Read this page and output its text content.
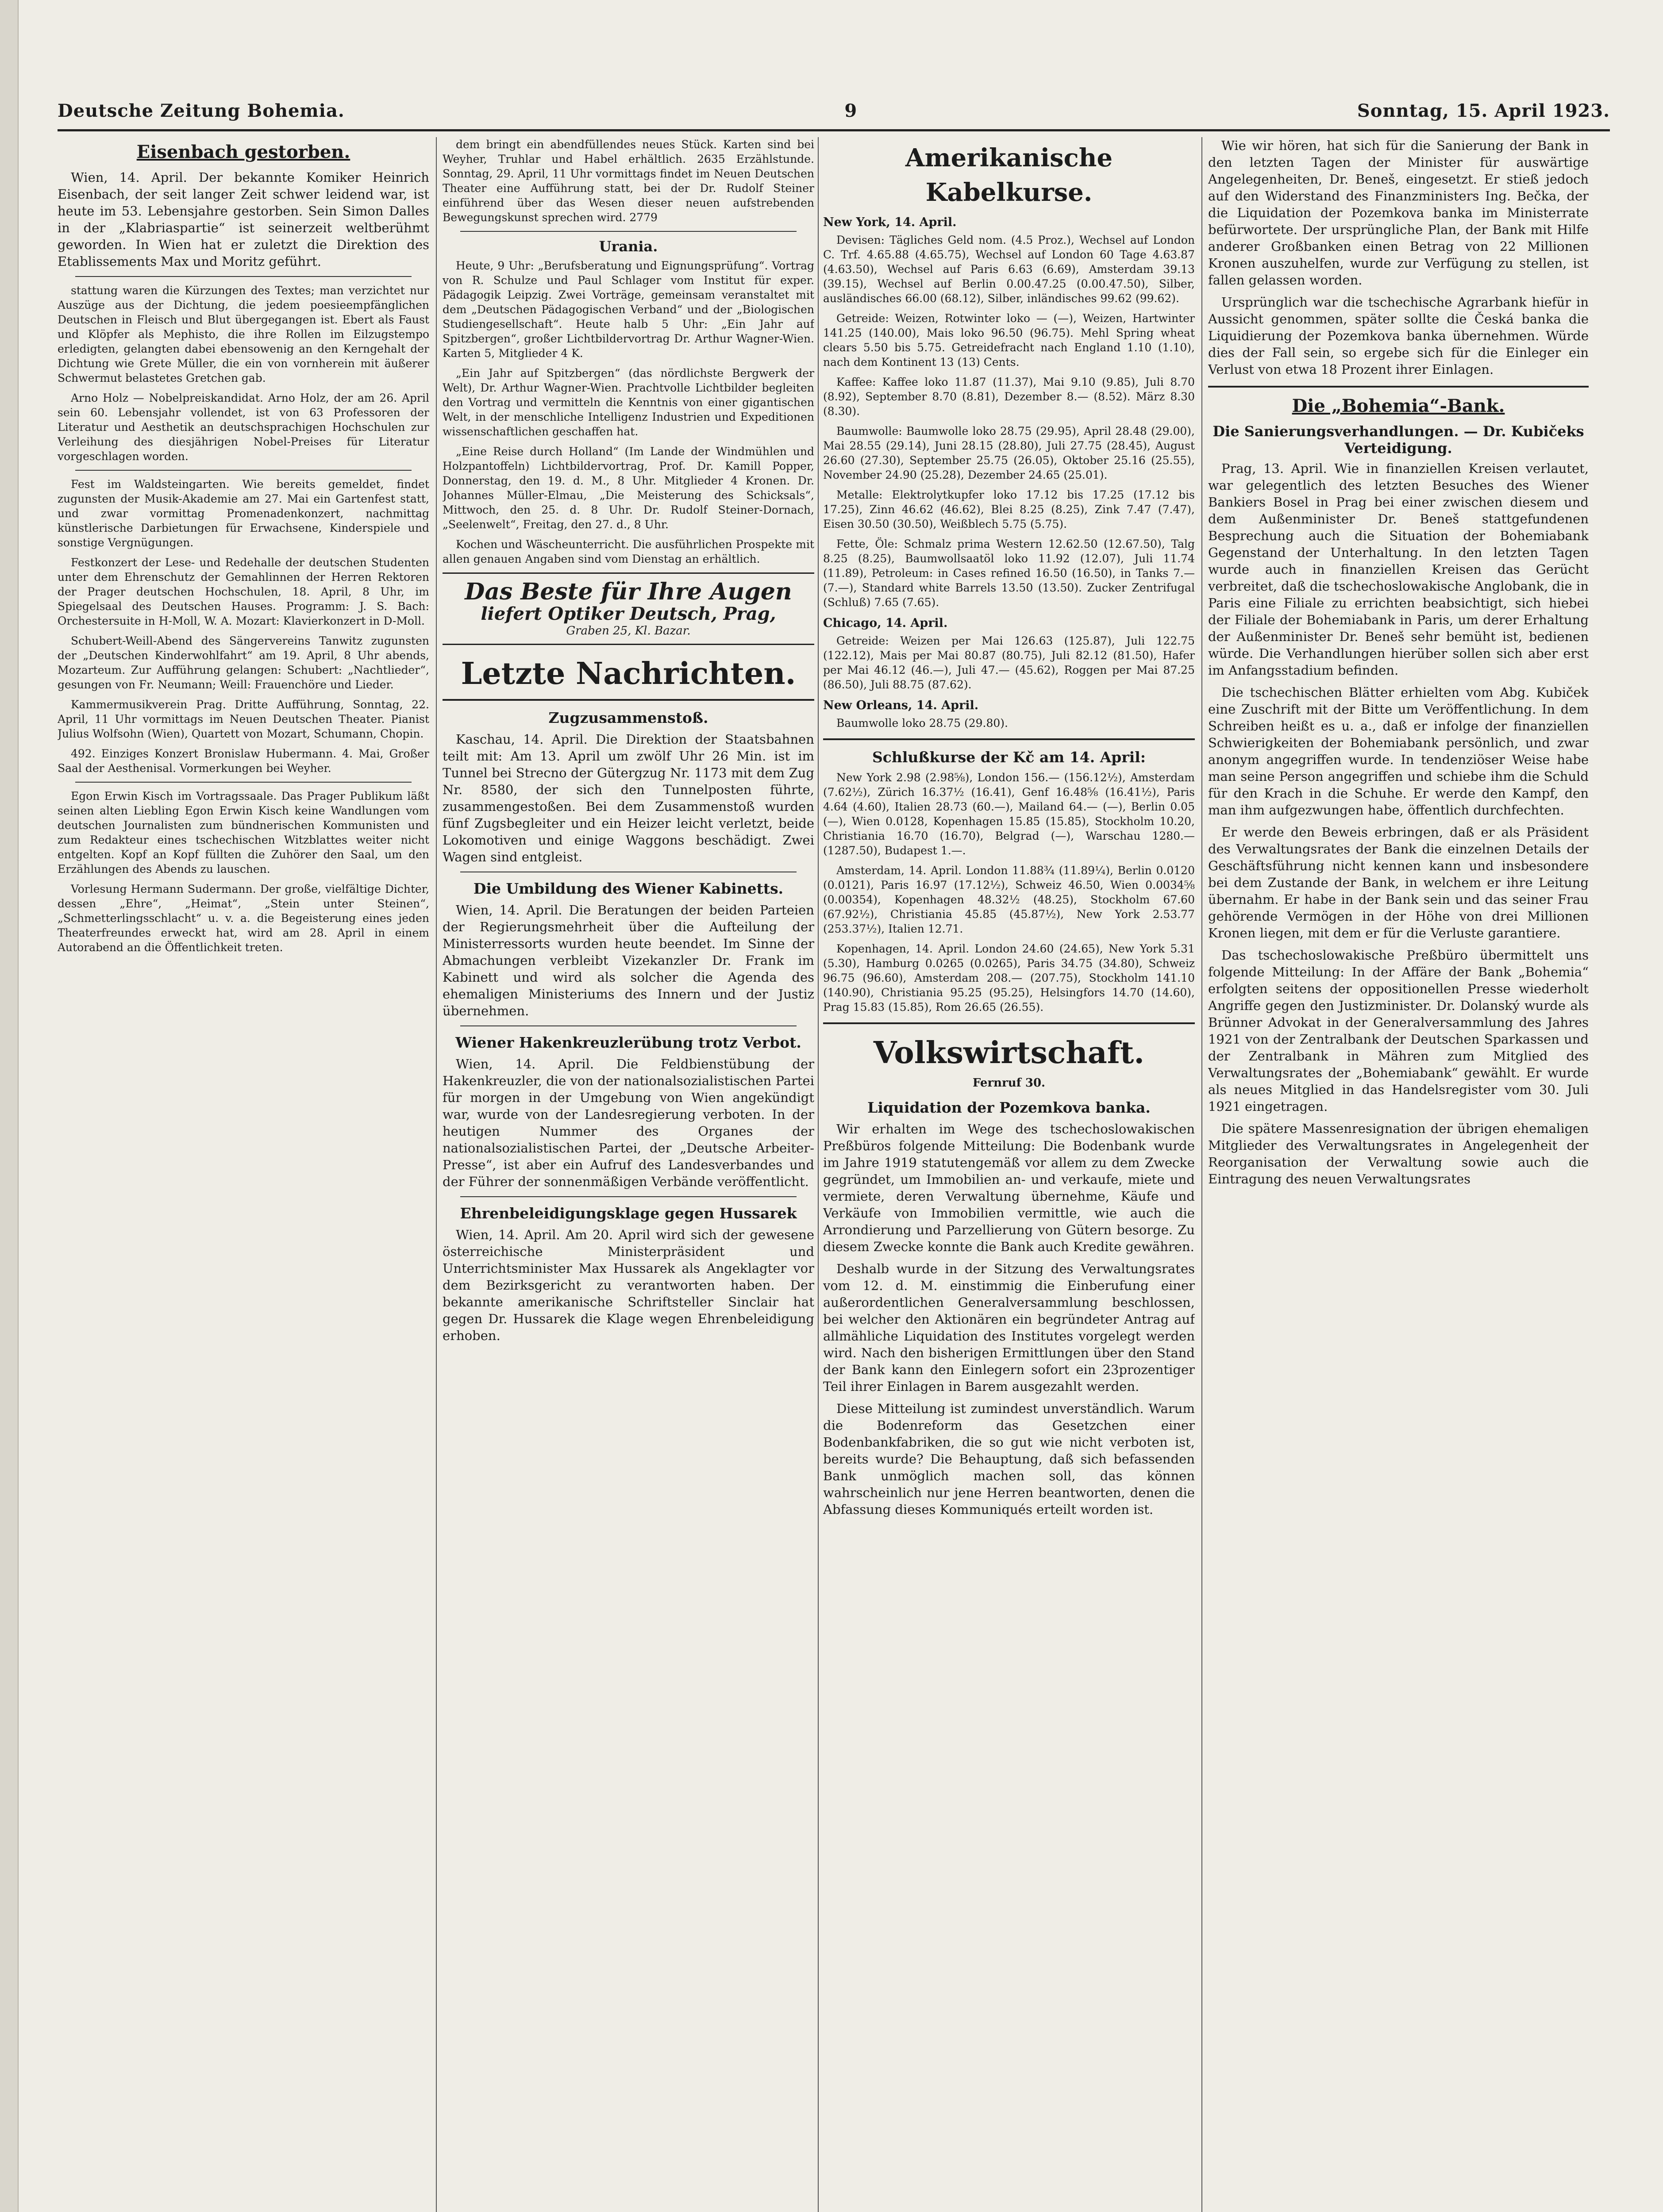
Deutsche Zeitung Bohemia.	9	Sonntag, 15. April 1923.
Eisenbach gestorben.

Wien, 14. April. Der bekannte Komiker Heinrich Eisenbach, der seit langer Zeit schwer leidend war, ist heute im 53. Lebensjahre gestorben. Sein Simon Dalles in der „Klabriaspartie“ ist seinerzeit weltberühmt geworden. In Wien hat er zuletzt die Direktion des Etablissements Max und Moritz geführt.

stattung waren die Kürzungen des Textes; man verzichtet nur Auszüge aus der Dichtung, die jedem poesieempfänglichen Deutschen in Fleisch und Blut übergegangen ist. Ebert als Faust und Klöpfer als Mephisto, die ihre Rollen im Eilzugstempo erledigten, gelangten dabei ebensowenig an den Kerngehalt der Dichtung wie Grete Müller, die ein von vornherein mit äußerer Schwermut belastetes Gretchen gab.

Arno Holz — Nobelpreiskandidat. Arno Holz, der am 26. April sein 60. Lebensjahr vollendet, ist von 63 Professoren der Literatur und Aesthetik an deutschsprachigen Hochschulen zur Verleihung des diesjährigen Nobel-Preises für Literatur vorgeschlagen worden.

Fest im Waldsteingarten. Wie bereits gemeldet, findet zugunsten der Musik-Akademie am 27. Mai ein Gartenfest statt, und zwar vormittag Promenadenkonzert, nachmittag künstlerische Darbietungen für Erwachsene, Kinderspiele und sonstige Vergnügungen.

Festkonzert der Lese- und Redehalle der deutschen Studenten unter dem Ehrenschutz der Gemahlinnen der Herren Rektoren der Prager deutschen Hochschulen, 18. April, 8 Uhr, im Spiegelsaal des Deutschen Hauses. Programm: J. S. Bach: Orchestersuite in H-Moll, W. A. Mozart: Klavierkonzert in D-Moll.

Schubert-Weill-Abend des Sängervereins Tanwitz zugunsten der „Deutschen Kinderwohlfahrt“ am 19. April, 8 Uhr abends, Mozarteum. Zur Aufführung gelangen: Schubert: „Nachtlieder“, gesungen von Fr. Neumann; Weill: Frauenchöre und Lieder.

Kammermusikverein Prag. Dritte Aufführung, Sonntag, 22. April, 11 Uhr vormittags im Neuen Deutschen Theater. Pianist Julius Wolfsohn (Wien), Quartett von Mozart, Schumann, Chopin.

492. Einziges Konzert Bronislaw Hubermann. 4. Mai, Großer Saal der Aesthenisal. Vormerkungen bei Weyher.

Egon Erwin Kisch im Vortragssaale. Das Prager Publikum läßt seinen alten Liebling Egon Erwin Kisch keine Wandlungen vom deutschen Journalisten zum bündnerischen Kommunisten und zum Redakteur eines tschechischen Witzblattes weiter nicht entgelten. Kopf an Kopf füllten die Zuhörer den Saal, um den Erzählungen des Abends zu lauschen.

Vorlesung Hermann Sudermann. Der große, vielfältige Dichter, dessen „Ehre“, „Heimat“, „Stein unter Steinen“, „Schmetterlingsschlacht“ u. v. a. die Begeisterung eines jeden Theaterfreundes erweckt hat, wird am 28. April in einem Autorabend an die Öffentlichkeit treten.

dem bringt ein abendfüllendes neues Stück. Karten sind bei Weyher, Truhlar und Habel erhältlich. 2635 Erzählstunde. Sonntag, 29. April, 11 Uhr vormittags findet im Neuen Deutschen Theater eine Aufführung statt, bei der Dr. Rudolf Steiner einführend über das Wesen dieser neuen aufstrebenden Bewegungskunst sprechen wird. 2779

Urania.

Heute, 9 Uhr: „Berufsberatung und Eignungsprüfung“. Vortrag von R. Schulze und Paul Schlager vom Institut für exper. Pädagogik Leipzig. Zwei Vorträge, gemeinsam veranstaltet mit dem „Deutschen Pädagogischen Verband“ und der „Biologischen Studiengesellschaft“. Heute halb 5 Uhr: „Ein Jahr auf Spitzbergen“, großer Lichtbildervortrag Dr. Arthur Wagner-Wien. Karten 5, Mitglieder 4 K.

„Ein Jahr auf Spitzbergen“ (das nördlichste Bergwerk der Welt), Dr. Arthur Wagner-Wien. Prachtvolle Lichtbilder begleiten den Vortrag und vermitteln die Kenntnis von einer gigantischen Welt, in der menschliche Intelligenz Industrien und Expeditionen wissenschaftlichen geschaffen hat.

„Eine Reise durch Holland“ (Im Lande der Windmühlen und Holzpantoffeln) Lichtbildervortrag, Prof. Dr. Kamill Popper, Donnerstag, den 19. d. M., 8 Uhr. Mitglieder 4 Kronen. Dr. Johannes Müller-Elmau, „Die Meisterung des Schicksals“, Mittwoch, den 25. d. 8 Uhr. Dr. Rudolf Steiner-Dornach, „Seelenwelt“, Freitag, den 27. d., 8 Uhr.

Kochen und Wäscheunterricht. Die ausführlichen Prospekte mit allen genauen Angaben sind vom Dienstag an erhältlich.

Das Beste für Ihre Augen
liefert Optiker Deutsch, Prag,
Graben 25, Kl. Bazar.
Letzte Nachrichten.
Zugzusammenstoß.

Kaschau, 14. April. Die Direktion der Staatsbahnen teilt mit: Am 13. April um zwölf Uhr 26 Min. ist im Tunnel bei Strecno der Gütergzug Nr. 1173 mit dem Zug Nr. 8580, der sich den Tunnelposten führte, zusammengestoßen. Bei dem Zusammenstoß wurden fünf Zugsbegleiter und ein Heizer leicht verletzt, beide Lokomotiven und einige Waggons beschädigt. Zwei Wagen sind entgleist.

Die Umbildung des Wiener Kabinetts.

Wien, 14. April. Die Beratungen der beiden Parteien der Regierungsmehrheit über die Aufteilung der Ministerressorts wurden heute beendet. Im Sinne der Abmachungen verbleibt Vizekanzler Dr. Frank im Kabinett und wird als solcher die Agenda des ehemaligen Ministeriums des Innern und der Justiz übernehmen.

Wiener Hakenkreuzlerübung trotz Verbot.

Wien, 14. April. Die Feldbienstübung der Hakenkreuzler, die von der nationalsozialistischen Partei für morgen in der Umgebung von Wien angekündigt war, wurde von der Landesregierung verboten. In der heutigen Nummer des Organes der nationalsozialistischen Partei, der „Deutsche Arbeiter-Presse“, ist aber ein Aufruf des Landesverbandes und der Führer der sonnenmäßigen Verbände veröffentlicht.

Ehrenbeleidigungsklage gegen Hussarek

Wien, 14. April. Am 20. April wird sich der gewesene österreichische Ministerpräsident und Unterrichtsminister Max Hussarek als Angeklagter vor dem Bezirksgericht zu verantworten haben. Der bekannte amerikanische Schriftsteller Sinclair hat gegen Dr. Hussarek die Klage wegen Ehrenbeleidigung erhoben.

Amerikanische Kabelkurse.
New York, 14. April.

Devisen: Tägliches Geld nom. (4.5 Proz.), Wechsel auf London C. Trf. 4.65.88 (4.65.75), Wechsel auf London 60 Tage 4.63.87 (4.63.50), Wechsel auf Paris 6.63 (6.69), Amsterdam 39.13 (39.15), Wechsel auf Berlin 0.00.47.25 (0.00.47.50), Silber, ausländisches 66.00 (68.12), Silber, inländisches 99.62 (99.62).

Getreide: Weizen, Rotwinter loko — (—), Weizen, Hartwinter 141.25 (140.00), Mais loko 96.50 (96.75). Mehl Spring wheat clears 5.50 bis 5.75. Getreidefracht nach England 1.10 (1.10), nach dem Kontinent 13 (13) Cents.

Kaffee: Kaffee loko 11.87 (11.37), Mai 9.10 (9.85), Juli 8.70 (8.92), September 8.70 (8.81), Dezember 8.— (8.52). März 8.30 (8.30).

Baumwolle: Baumwolle loko 28.75 (29.95), April 28.48 (29.00), Mai 28.55 (29.14), Juni 28.15 (28.80), Juli 27.75 (28.45), August 26.60 (27.30), September 25.75 (26.05), Oktober 25.16 (25.55), November 24.90 (25.28), Dezember 24.65 (25.01).

Metalle: Elektrolytkupfer loko 17.12 bis 17.25 (17.12 bis 17.25), Zinn 46.62 (46.62), Blei 8.25 (8.25), Zink 7.47 (7.47), Eisen 30.50 (30.50), Weißblech 5.75 (5.75).

Fette, Öle: Schmalz prima Western 12.62.50 (12.67.50), Talg 8.25 (8.25), Baumwollsaatöl loko 11.92 (12.07), Juli 11.74 (11.89), Petroleum: in Cases refined 16.50 (16.50), in Tanks 7.— (7.—), Standard white Barrels 13.50 (13.50). Zucker Zentrifugal (Schluß) 7.65 (7.65).

Chicago, 14. April.

Getreide: Weizen per Mai 126.63 (125.87), Juli 122.75 (122.12), Mais per Mai 80.87 (80.75), Juli 82.12 (81.50), Hafer per Mai 46.12 (46.—), Juli 47.— (45.62), Roggen per Mai 87.25 (86.50), Juli 88.75 (87.62).

New Orleans, 14. April.

Baumwolle loko 28.75 (29.80).

Schlußkurse der Kč am 14. April:

New York 2.98 (2.98⅝), London 156.— (156.12½), Amsterdam (7.62½), Zürich 16.37½ (16.41), Genf 16.48⅝ (16.41½), Paris 4.64 (4.60), Italien 28.73 (60.—), Mailand 64.— (—), Berlin 0.05 (—), Wien 0.0128, Kopenhagen 15.85 (15.85), Stockholm 10.20, Christiania 16.70 (16.70), Belgrad (—), Warschau 1280.— (1287.50), Budapest 1.—.

Amsterdam, 14. April. London 11.88¾ (11.89¼), Berlin 0.0120 (0.0121), Paris 16.97 (17.12½), Schweiz 46.50, Wien 0.0034⅝ (0.00354), Kopenhagen 48.32½ (48.25), Stockholm 67.60 (67.92½), Christiania 45.85 (45.87½), New York 2.53.77 (253.37½), Italien 12.71.

Kopenhagen, 14. April. London 24.60 (24.65), New York 5.31 (5.30), Hamburg 0.0265 (0.0265), Paris 34.75 (34.80), Schweiz 96.75 (96.60), Amsterdam 208.— (207.75), Stockholm 141.10 (140.90), Christiania 95.25 (95.25), Helsingfors 14.70 (14.60), Prag 15.83 (15.85), Rom 26.65 (26.55).

Volkswirtschaft.
Fernruf 30.
Liquidation der Pozemkova banka.

Wir erhalten im Wege des tschechoslowakischen Preßbüros folgende Mitteilung: Die Bodenbank wurde im Jahre 1919 statutengemäß vor allem zu dem Zwecke gegründet, um Immobilien an- und verkaufe, miete und vermiete, deren Verwaltung übernehme, Käufe und Verkäufe von Immobilien vermittle, wie auch die Arrondierung und Parzellierung von Gütern besorge. Zu diesem Zwecke konnte die Bank auch Kredite gewähren.

Deshalb wurde in der Sitzung des Verwaltungsrates vom 12. d. M. einstimmig die Einberufung einer außerordentlichen Generalversammlung beschlossen, bei welcher den Aktionären ein begründeter Antrag auf allmähliche Liquidation des Institutes vorgelegt werden wird. Nach den bisherigen Ermittlungen über den Stand der Bank kann den Einlegern sofort ein 23prozentiger Teil ihrer Einlagen in Barem ausgezahlt werden.

Diese Mitteilung ist zumindest unverständlich. Warum die Bodenreform das Gesetzchen einer Bodenbankfabriken, die so gut wie nicht verboten ist, bereits wurde? Die Behauptung, daß sich befassenden Bank unmöglich machen soll, das können wahrscheinlich nur jene Herren beantworten, denen die Abfassung dieses Kommuniqués erteilt worden ist.

Wie wir hören, hat sich für die Sanierung der Bank in den letzten Tagen der Minister für auswärtige Angelegenheiten, Dr. Beneš, eingesetzt. Er stieß jedoch auf den Widerstand des Finanzministers Ing. Bečka, der die Liquidation der Pozemkova banka im Ministerrate befürwortete. Der ursprüngliche Plan, der Bank mit Hilfe anderer Großbanken einen Betrag von 22 Millionen Kronen auszuhelfen, wurde zur Verfügung zu stellen, ist fallen gelassen worden.

Ursprünglich war die tschechische Agrarbank hiefür in Aussicht genommen, später sollte die Česká banka die Liquidierung der Pozemkova banka übernehmen. Würde dies der Fall sein, so ergebe sich für die Einleger ein Verlust von etwa 18 Prozent ihrer Einlagen.

Die „Bohemia“-Bank.
Die Sanierungsverhandlungen. — Dr. Kubičeks Verteidigung.

Prag, 13. April. Wie in finanziellen Kreisen verlautet, war gelegentlich des letzten Besuches des Wiener Bankiers Bosel in Prag bei einer zwischen diesem und dem Außenminister Dr. Beneš stattgefundenen Besprechung auch die Situation der Bohemiabank Gegenstand der Unterhaltung. In den letzten Tagen wurde auch in finanziellen Kreisen das Gerücht verbreitet, daß die tschechoslowakische Anglobank, die in Paris eine Filiale zu errichten beabsichtigt, sich hiebei der Filiale der Bohemiabank in Paris, um derer Erhaltung der Außenminister Dr. Beneš sehr bemüht ist, bedienen würde. Die Verhandlungen hierüber sollen sich aber erst im Anfangsstadium befinden.

Die tschechischen Blätter erhielten vom Abg. Kubiček eine Zuschrift mit der Bitte um Veröffentlichung. In dem Schreiben heißt es u. a., daß er infolge der finanziellen Schwierigkeiten der Bohemiabank persönlich, und zwar anonym angegriffen wurde. In tendenziöser Weise habe man seine Person angegriffen und schiebe ihm die Schuld für den Krach in die Schuhe. Er werde den Kampf, den man ihm aufgezwungen habe, öffentlich durchfechten.

Er werde den Beweis erbringen, daß er als Präsident des Verwaltungsrates der Bank die einzelnen Details der Geschäftsführung nicht kennen kann und insbesondere bei dem Zustande der Bank, in welchem er ihre Leitung übernahm. Er habe in der Bank sein und das seiner Frau gehörende Vermögen in der Höhe von drei Millionen Kronen liegen, mit dem er für die Verluste garantiere.

Das tschechoslowakische Preßbüro übermittelt uns folgende Mitteilung: In der Affäre der Bank „Bohemia“ erfolgten seitens der oppositionellen Presse wiederholt Angriffe gegen den Justizminister. Dr. Dolanský wurde als Brünner Advokat in der Generalversammlung des Jahres 1921 von der Zentralbank der Deutschen Sparkassen und der Zentralbank in Mähren zum Mitglied des Verwaltungsrates der „Bohemiabank“ gewählt. Er wurde als neues Mitglied in das Handelsregister vom 30. Juli 1921 eingetragen.

Die spätere Massenresignation der übrigen ehemaligen Mitglieder des Verwaltungsrates in Angelegenheit der Reorganisation der Verwaltung sowie auch die Eintragung des neuen Verwaltungsrates
